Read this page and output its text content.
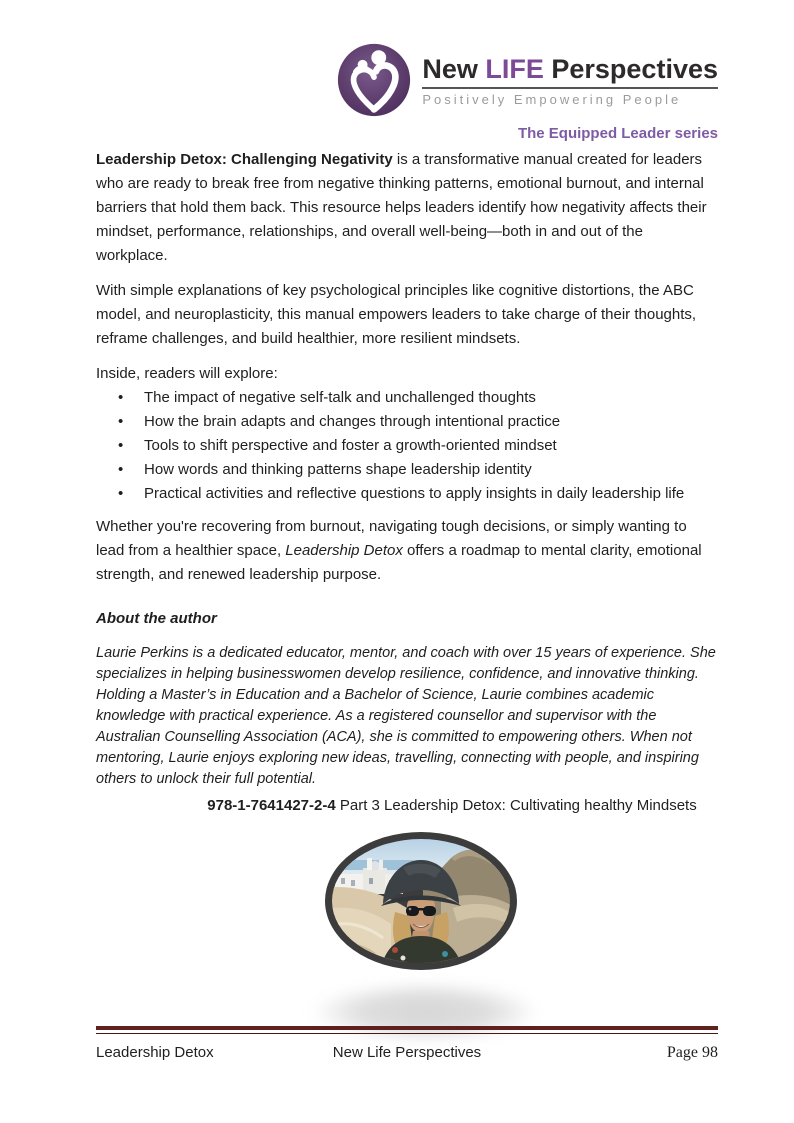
New LIFE Perspectives
Positively Empowering People
The Equipped Leader series

Leadership Detox: Challenging Negativity is a transformative manual created for leaders who are ready to break free from negative thinking patterns, emotional burnout, and internal barriers that hold them back. This resource helps leaders identify how negativity affects their mindset, performance, relationships, and overall well-being—both in and out of the workplace.

With simple explanations of key psychological principles like cognitive distortions, the ABC model, and neuroplasticity, this manual empowers leaders to take charge of their thoughts, reframe challenges, and build healthier, more resilient mindsets.

Inside, readers will explore:

• The impact of negative self-talk and unchallenged thoughts
• How the brain adapts and changes through intentional practice
• Tools to shift perspective and foster a growth-oriented mindset
• How words and thinking patterns shape leadership identity
• Practical activities and reflective questions to apply insights in daily leadership life

Whether you're recovering from burnout, navigating tough decisions, or simply wanting to lead from a healthier space, Leadership Detox offers a roadmap to mental clarity, emotional strength, and renewed leadership purpose.

About the author

Laurie Perkins is a dedicated educator, mentor, and coach with over 15 years of experience. She specializes in helping businesswomen develop resilience, confidence, and innovative thinking. Holding a Master’s in Education and a Bachelor of Science, Laurie combines academic knowledge with practical experience. As a registered counsellor and supervisor with the Australian Counselling Association (ACA), she is committed to empowering others. When not mentoring, Laurie enjoys exploring new ideas, travelling, connecting with people, and inspiring others to unlock their full potential.

978-1-7641427-2-4 Part 3 Leadership Detox: Cultivating healthy Mindsets

Leadership Detox	New Life Perspectives	Page 98
